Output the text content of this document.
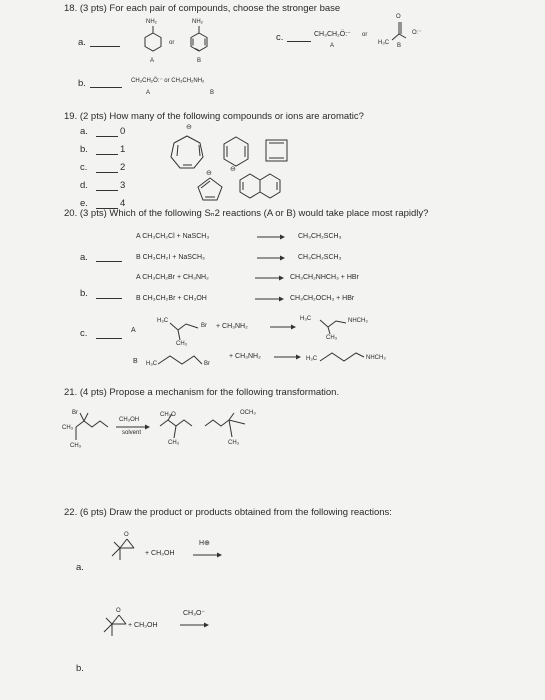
18. (3 pts) For each pair of compounds, choose the stronger base
a.
NH₂	NH₂
or
A	B
c.	CH₃CH₂Ö:⁻ or
A	B
H₃C
O
O:⁻
b.	CH₃CH₂Ö:⁻ or CH₃CH₂NH₂
A	B
19. (2 pts) How many of the following compounds or ions are aromatic?
a.	0
b.	1
c.	2
d.	3
e.	4
⊖
⊖
⊖
20. (3 pts) Which of the following Sₙ2 reactions (A or B) would take place most rapidly?
a.
A CH₃CH₂Cl + NaSCH₃	CH₃CH₂SCH₃
B CH₃CH₂I + NaSCH₃	CH₃CH₂SCH₃
b.
A CH₃CH₂Br + CH₃NH₂	CH₃CH₂NHCH₃ + HBr
B CH₃CH₂Br + CH₃OH	CH₃CH₂OCH₃ + HBr
c.	A
H₃C
Br
CH₃
+ CH₃NH₂
H₃C	NHCH₃
CH₃
B H₃C	Br
+ CH₃NH₂	H₃C	NHCH₃
21. (4 pts) Propose a mechanism for the following transformation.
CH₃OH
solvent
Br
CH₃
CH₃
CH₃O	OCH₃
CH₃	CH₃
22. (6 pts) Draw the product or products obtained from the following reactions:
a.
O
+ CH₃OH
H⊕
b.
O
+ CH₃OH
CH₃O⁻
